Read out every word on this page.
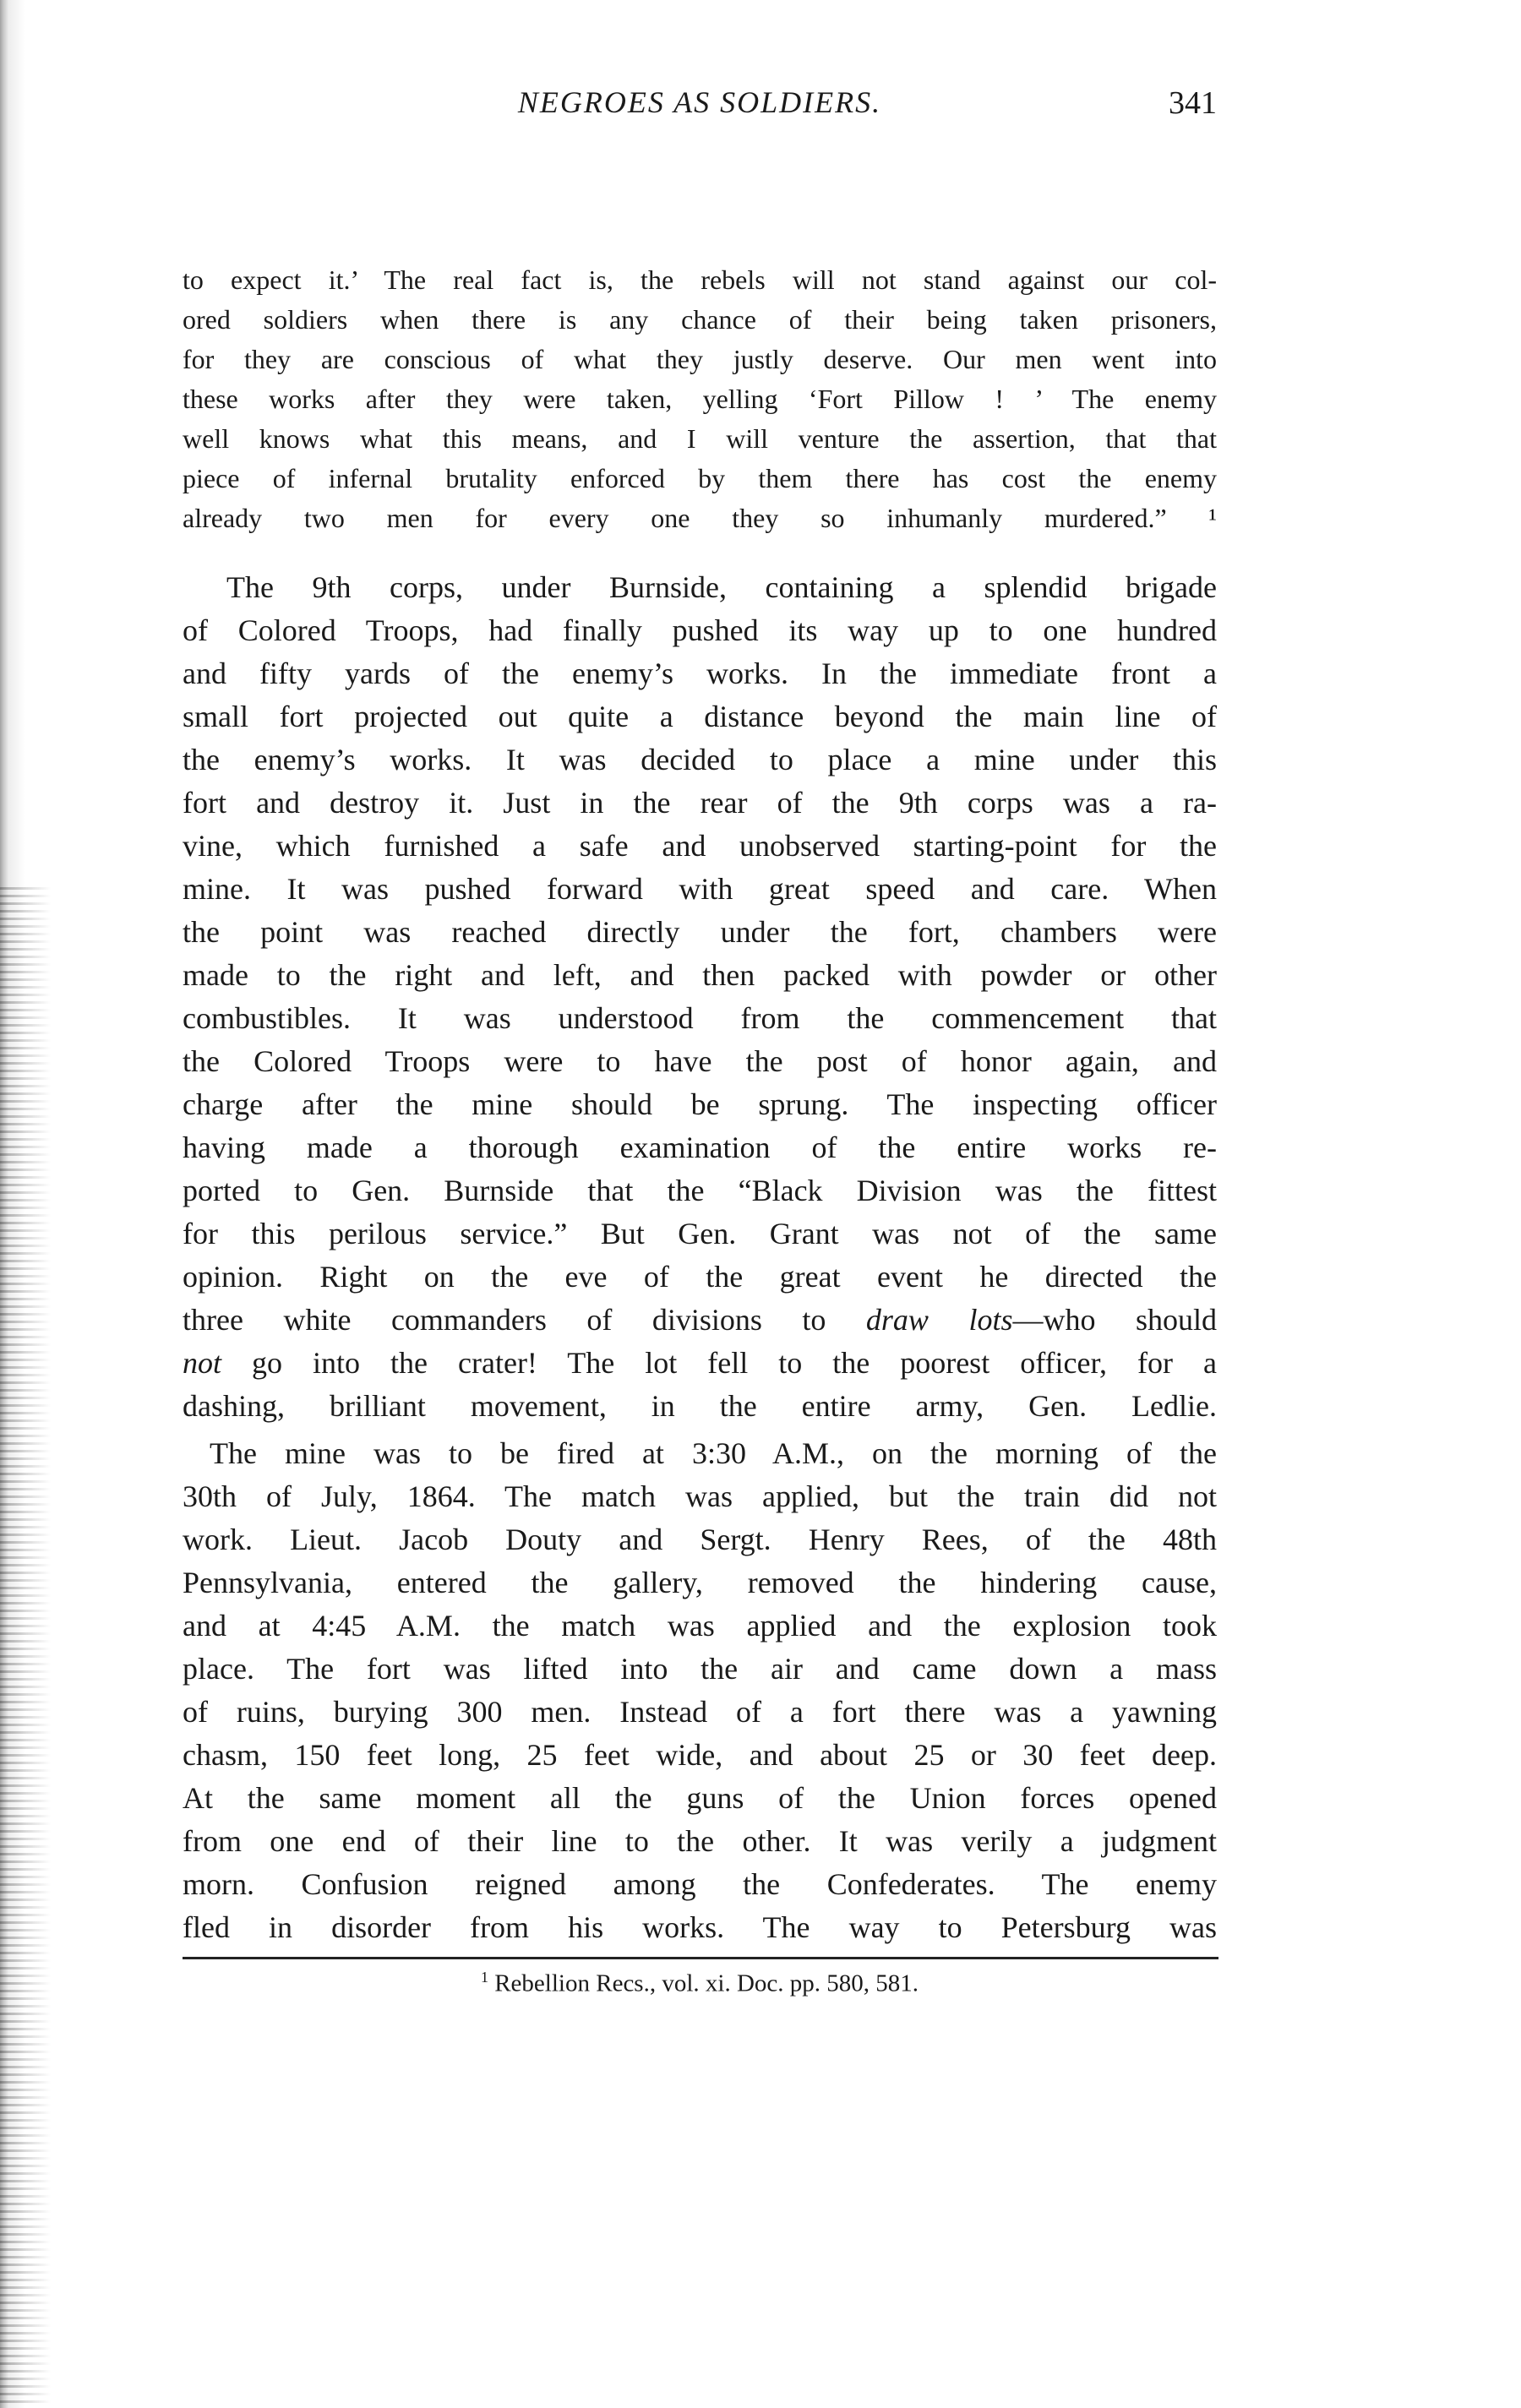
NEGROES AS SOLDIERS.	341
to expect it.’ The real fact is, the rebels will not stand against our col-
ored soldiers when there is any chance of their being taken prisoners,
for they are conscious of what they justly deserve. Our men went into
these works after they were taken, yelling ‘Fort Pillow ! ’ The enemy
well knows what this means, and I will venture the assertion, that that
piece of infernal brutality enforced by them there has cost the enemy
already two men for every one they so inhumanly murdered.” ¹
The 9th corps, under Burnside, containing a splendid brigade
of Colored Troops, had finally pushed its way up to one hundred
and fifty yards of the enemy’s works. In the immediate front a
small fort projected out quite a distance beyond the main line of
the enemy’s works. It was decided to place a mine under this
fort and destroy it. Just in the rear of the 9th corps was a ra-
vine, which furnished a safe and unobserved starting-point for the
mine. It was pushed forward with great speed and care. When
the point was reached directly under the fort, chambers were
made to the right and left, and then packed with powder or other
combustibles. It was understood from the commencement that
the Colored Troops were to have the post of honor again, and
charge after the mine should be sprung. The inspecting officer
having made a thorough examination of the entire works re-
ported to Gen. Burnside that the “Black Division was the fittest
for this perilous service.” But Gen. Grant was not of the same
opinion. Right on the eve of the great event he directed the
three white commanders of divisions to draw lots—who should
not go into the crater! The lot fell to the poorest officer, for a
dashing, brilliant movement, in the entire army, Gen. Ledlie.
The mine was to be fired at 3:30 A.M., on the morning of the
30th of July, 1864. The match was applied, but the train did not
work. Lieut. Jacob Douty and Sergt. Henry Rees, of the 48th
Pennsylvania, entered the gallery, removed the hindering cause,
and at 4:45 A.M. the match was applied and the explosion took
place. The fort was lifted into the air and came down a mass
of ruins, burying 300 men. Instead of a fort there was a yawning
chasm, 150 feet long, 25 feet wide, and about 25 or 30 feet deep.
At the same moment all the guns of the Union forces opened
from one end of their line to the other. It was verily a judgment
morn. Confusion reigned among the Confederates. The enemy
fled in disorder from his works. The way to Petersburg was
$^1$ Rebellion Recs., vol. xi. Doc. pp. 580, 581.
